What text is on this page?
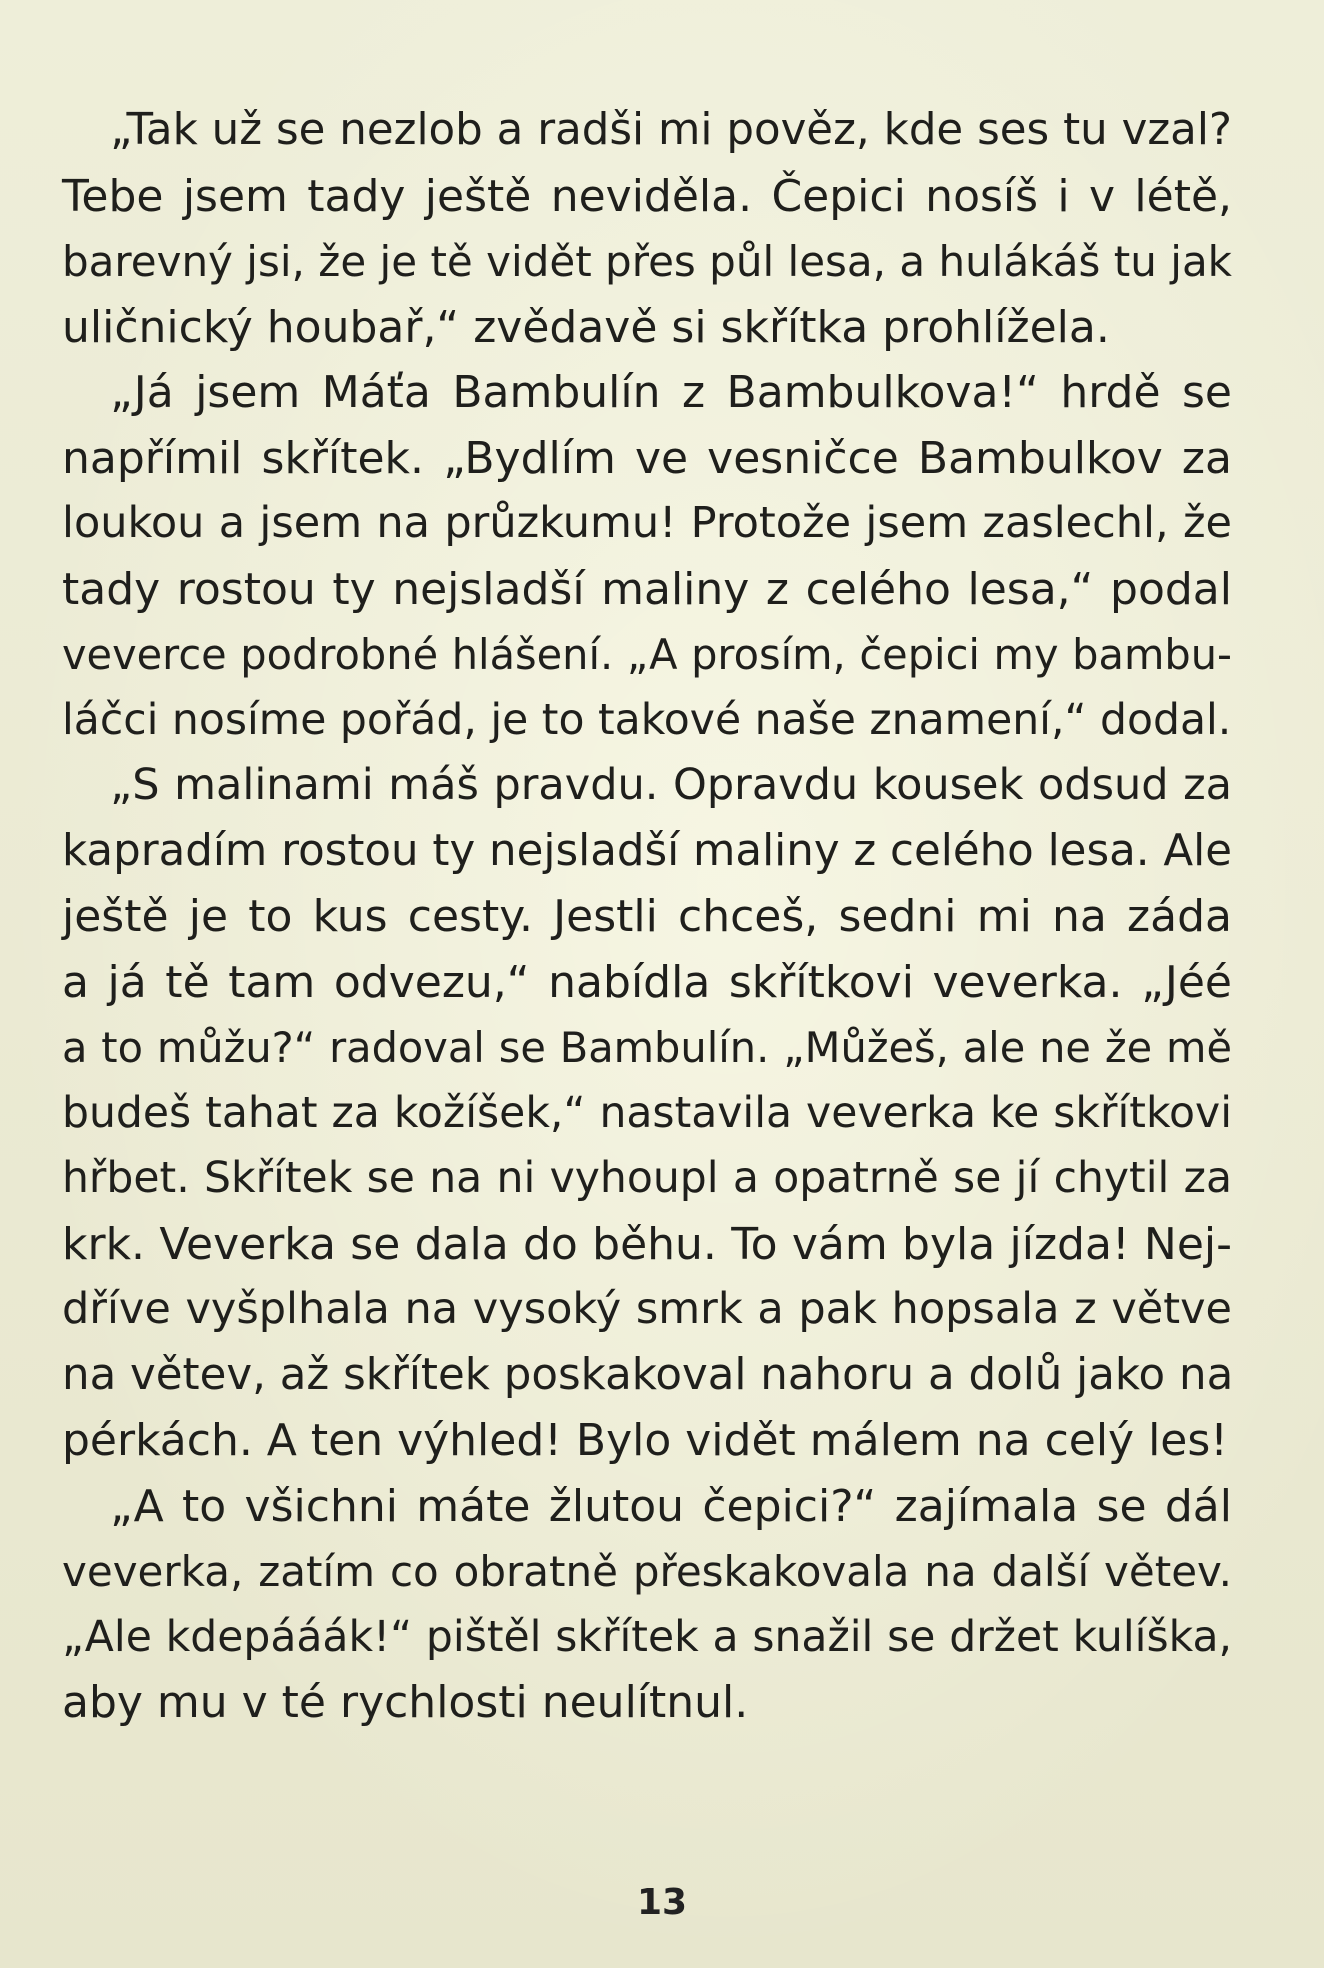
„Tak už se nezlob a radši mi pověz, kde ses tu vzal?
Tebe jsem tady ještě neviděla. Čepici nosíš i v létě,
barevný jsi, že je tě vidět přes půl lesa, a hulákáš tu jak
uličnický houbař,“ zvědavě si skřítka prohlížela.
„Já jsem Máťa Bambulín z Bambulkova!“ hrdě se
napřímil skřítek. „Bydlím ve vesničce Bambulkov za
loukou a jsem na průzkumu! Protože jsem zaslechl, že
tady rostou ty nejsladší maliny z celého lesa,“ podal
veverce podrobné hlášení. „A prosím, čepici my bambu-
láčci nosíme pořád, je to takové naše znamení,“ dodal.
„S malinami máš pravdu. Opravdu kousek odsud za
kapradím rostou ty nejsladší maliny z celého lesa. Ale
ještě je to kus cesty. Jestli chceš, sedni mi na záda
a já tě tam odvezu,“ nabídla skřítkovi veverka. „Jéé
a to můžu?“ radoval se Bambulín. „Můžeš, ale ne že mě
budeš tahat za kožíšek,“ nastavila veverka ke skřítkovi
hřbet. Skřítek se na ni vyhoupl a opatrně se jí chytil za
krk. Veverka se dala do běhu. To vám byla jízda! Nej-
dříve vyšplhala na vysoký smrk a pak hopsala z větve
na větev, až skřítek poskakoval nahoru a dolů jako na
pérkách. A ten výhled! Bylo vidět málem na celý les!
„A to všichni máte žlutou čepici?“ zajímala se dál
veverka, zatím co obratně přeskakovala na další větev.
„Ale kdepááák!“ pištěl skřítek a snažil se držet kulíška,
aby mu v té rychlosti neulítnul.
13
